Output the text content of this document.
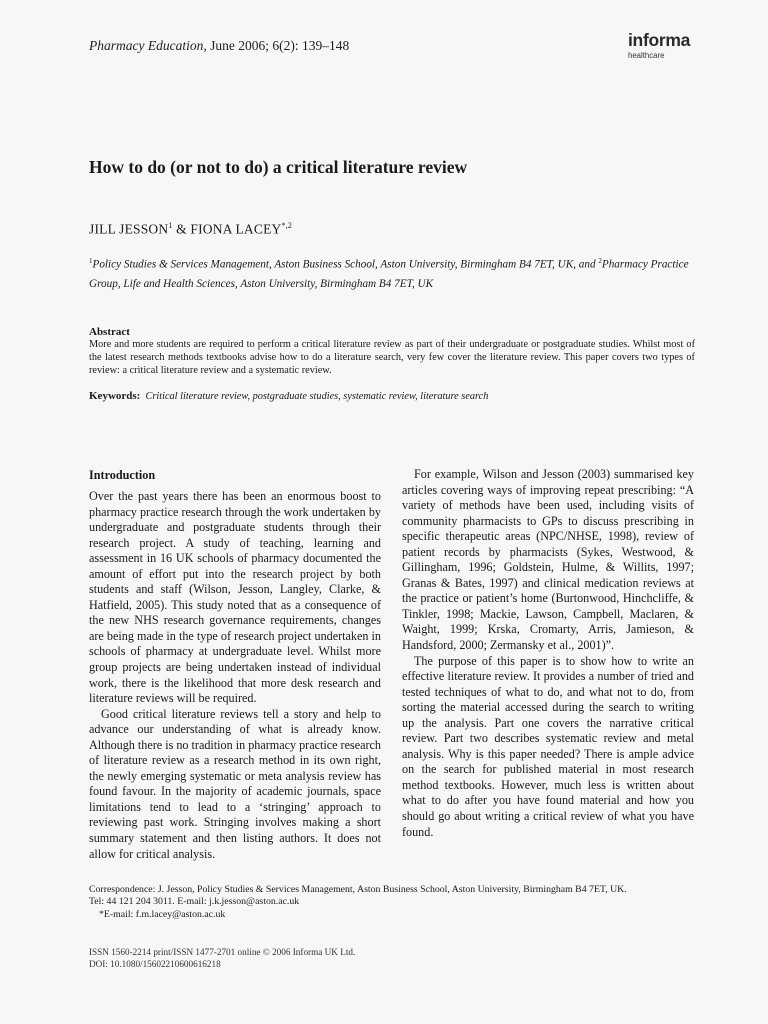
Pharmacy Education, June 2006; 6(2): 139–148	informa
healthcare
How to do (or not to do) a critical literature review
JILL JESSON$^1$ & FIONA $LACEY^{*,2}$
$^1$Policy Studies & Services Management, Aston Business School, Aston University, Birmingham B4 7ET, UK, and $^2$Pharmacy Practice Group, Life and Health Sciences, Aston University, Birmingham B4 7ET, UK
Abstract
More and more students are required to perform a critical literature review as part of their undergraduate or postgraduate studies. Whilst most of the latest research methods textbooks advise how to do a literature search, very few cover the literature review. This paper covers two types of review: a critical literature review and a systematic review.
Keywords: Critical literature review, postgraduate studies, systematic review, literature search
Introduction

Over the past years there has been an enormous boost to pharmacy practice research through the work undertaken by undergraduate and postgraduate students through their research project. A study of teaching, learning and assessment in 16 UK schools of pharmacy documented the amount of effort put into the research project by both students and staff (Wilson, Jesson, Langley, Clarke, & Hatfield, 2005). This study noted that as a consequence of the new NHS research governance requirements, changes are being made in the type of research project undertaken in schools of pharmacy at undergraduate level. Whilst more group projects are being undertaken instead of individual work, there is the likelihood that more desk research and literature reviews will be required.

Good critical literature reviews tell a story and help to advance our understanding of what is already know. Although there is no tradition in pharmacy practice research of literature review as a research method in its own right, the newly emerging systematic or meta analysis review has found favour. In the majority of academic journals, space limitations tend to lead to a ‘stringing’ approach to reviewing past work. Stringing involves making a short summary statement and then listing authors. It does not allow for critical analysis.

For example, Wilson and Jesson (2003) summarised key articles covering ways of improving repeat prescribing: “A variety of methods have been used, including visits of community pharmacists to GPs to discuss prescribing in specific therapeutic areas (NPC/NHSE, 1998), review of patient records by pharmacists (Sykes, Westwood, & Gillingham, 1996; Goldstein, Hulme, & Willits, 1997; Granas & Bates, 1997) and clinical medication reviews at the practice or patient’s home (Burtonwood, Hinchcliffe, & Tinkler, 1998; Mackie, Lawson, Campbell, Maclaren, & Waight, 1999; Krska, Cromarty, Arris, Jamieson, & Handsford, 2000; Zermansky et al., 2001)”.

The purpose of this paper is to show how to write an effective literature review. It provides a number of tried and tested techniques of what to do, and what not to do, from sorting the material accessed during the search to writing up the analysis. Part one covers the narrative critical review. Part two describes systematic review and metal analysis. Why is this paper needed? There is ample advice on the search for published material in most research method textbooks. However, much less is written about what to do after you have found material and how you should go about writing a critical review of what you have found.

Correspondence: J. Jesson, Policy Studies & Services Management, Aston Business School, Aston University, Birmingham B4 7ET, UK.
Tel: 44 121 204 3011. E-mail: j.k.jesson@aston.ac.uk
*E-mail: f.m.lacey@aston.ac.uk
ISSN 1560-2214 print/ISSN 1477-2701 online © 2006 Informa UK Ltd.
DOI: 10.1080/15602210600616218
